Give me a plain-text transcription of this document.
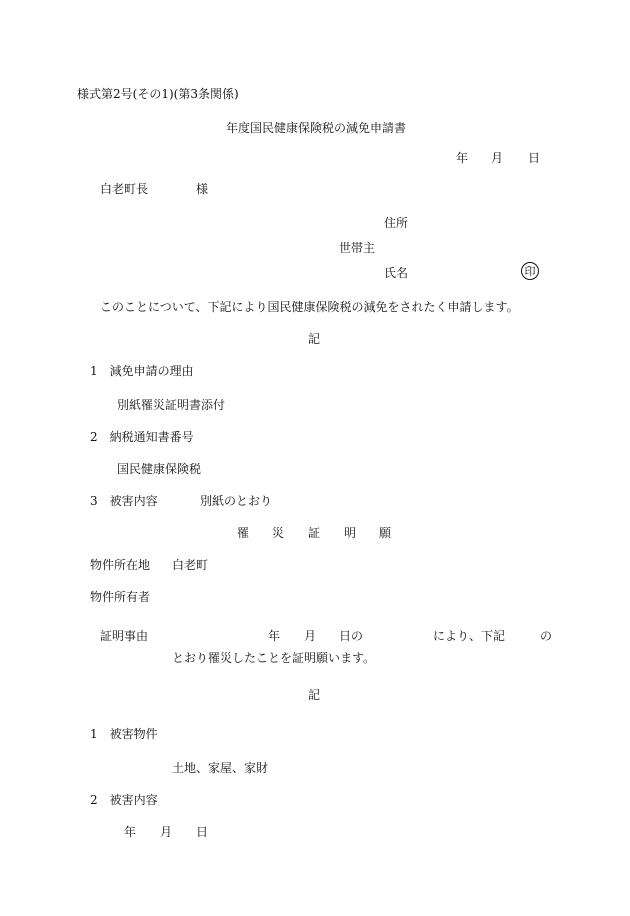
様式第2号(その1)(第3条関係)
年度国民健康保険税の減免申請書
年 月 日
白老町長	様
住所
世帯主
氏名	印
このことについて、下記により国民健康保険税の減免をされたく申請します。
記
1　減免申請の理由
別紙罹災証明書添付
2　納税通知書番号
国民健康保険税
3　被害内容	別紙のとおり
罹 災 証 明 願
物件所在地 白老町
物件所有者
証明事由	年 月 日の	により、下記	の
とおり罹災したことを証明願います。
記
1　被害物件
土地、家屋、家財
2　被害内容
年 月 日
